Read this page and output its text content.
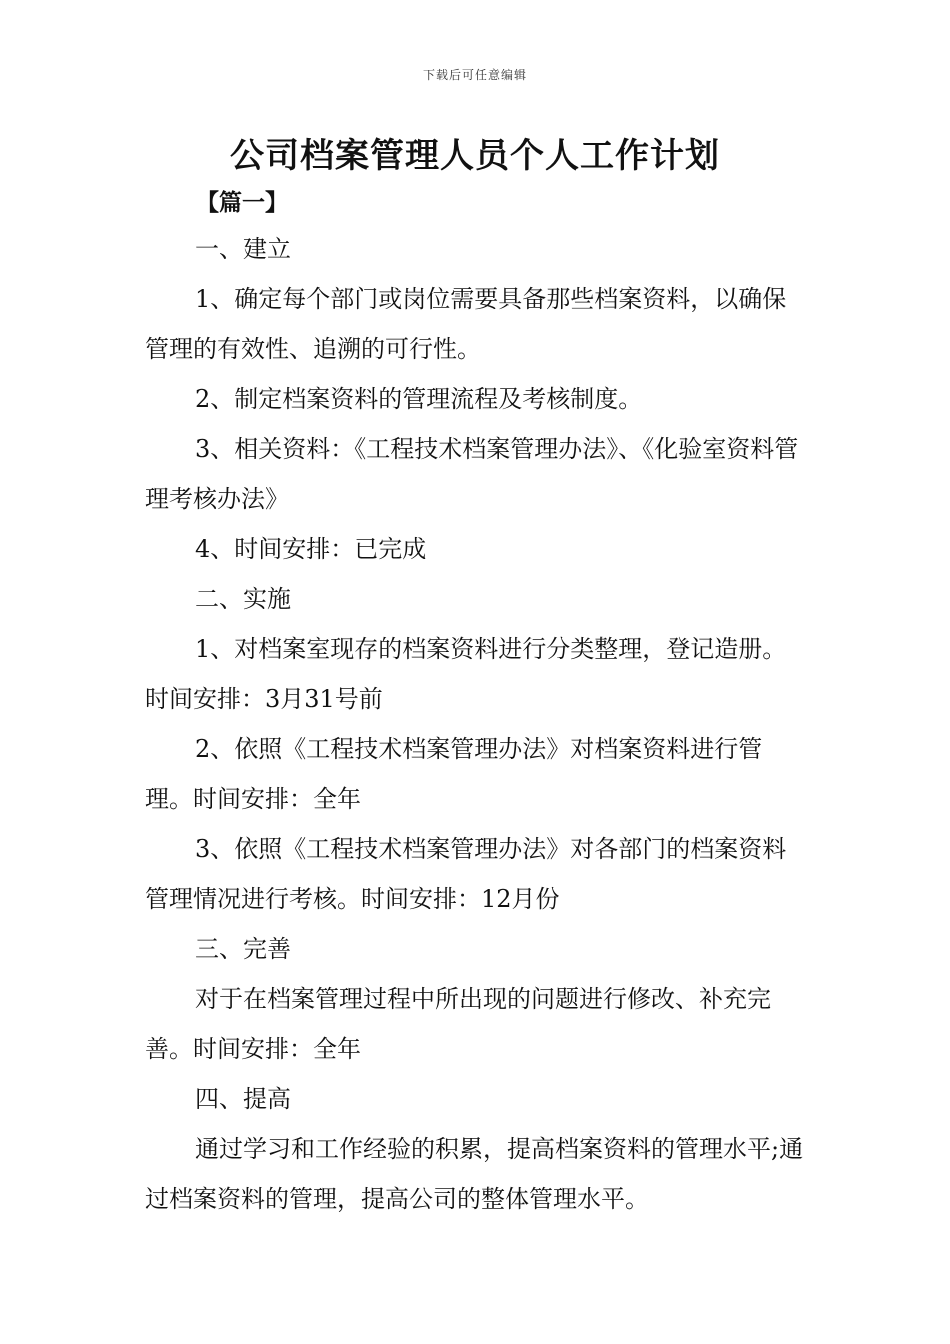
下载后可任意编辑
公司档案管理人员个人工作计划
【篇一】

一、建立

1、确定每个部门或岗位需要具备那些档案资料，以确保管理的有效性、追溯的可行性。

2、制定档案资料的管理流程及考核制度。

3、相关资料：《工程技术档案管理办法》、《化验室资料管理考核办法》

4、时间安排：已完成

二、实施

1、对档案室现存的档案资料进行分类整理，登记造册。时间安排：3月31号前

2、依照《工程技术档案管理办法》对档案资料进行管理。时间安排：全年

3、依照《工程技术档案管理办法》对各部门的档案资料管理情况进行考核。时间安排：12月份

三、完善

对于在档案管理过程中所出现的问题进行修改、补充完善。时间安排：全年

四、提高

通过学习和工作经验的积累，提高档案资料的管理水平;通过档案资料的管理，提高公司的整体管理水平。
